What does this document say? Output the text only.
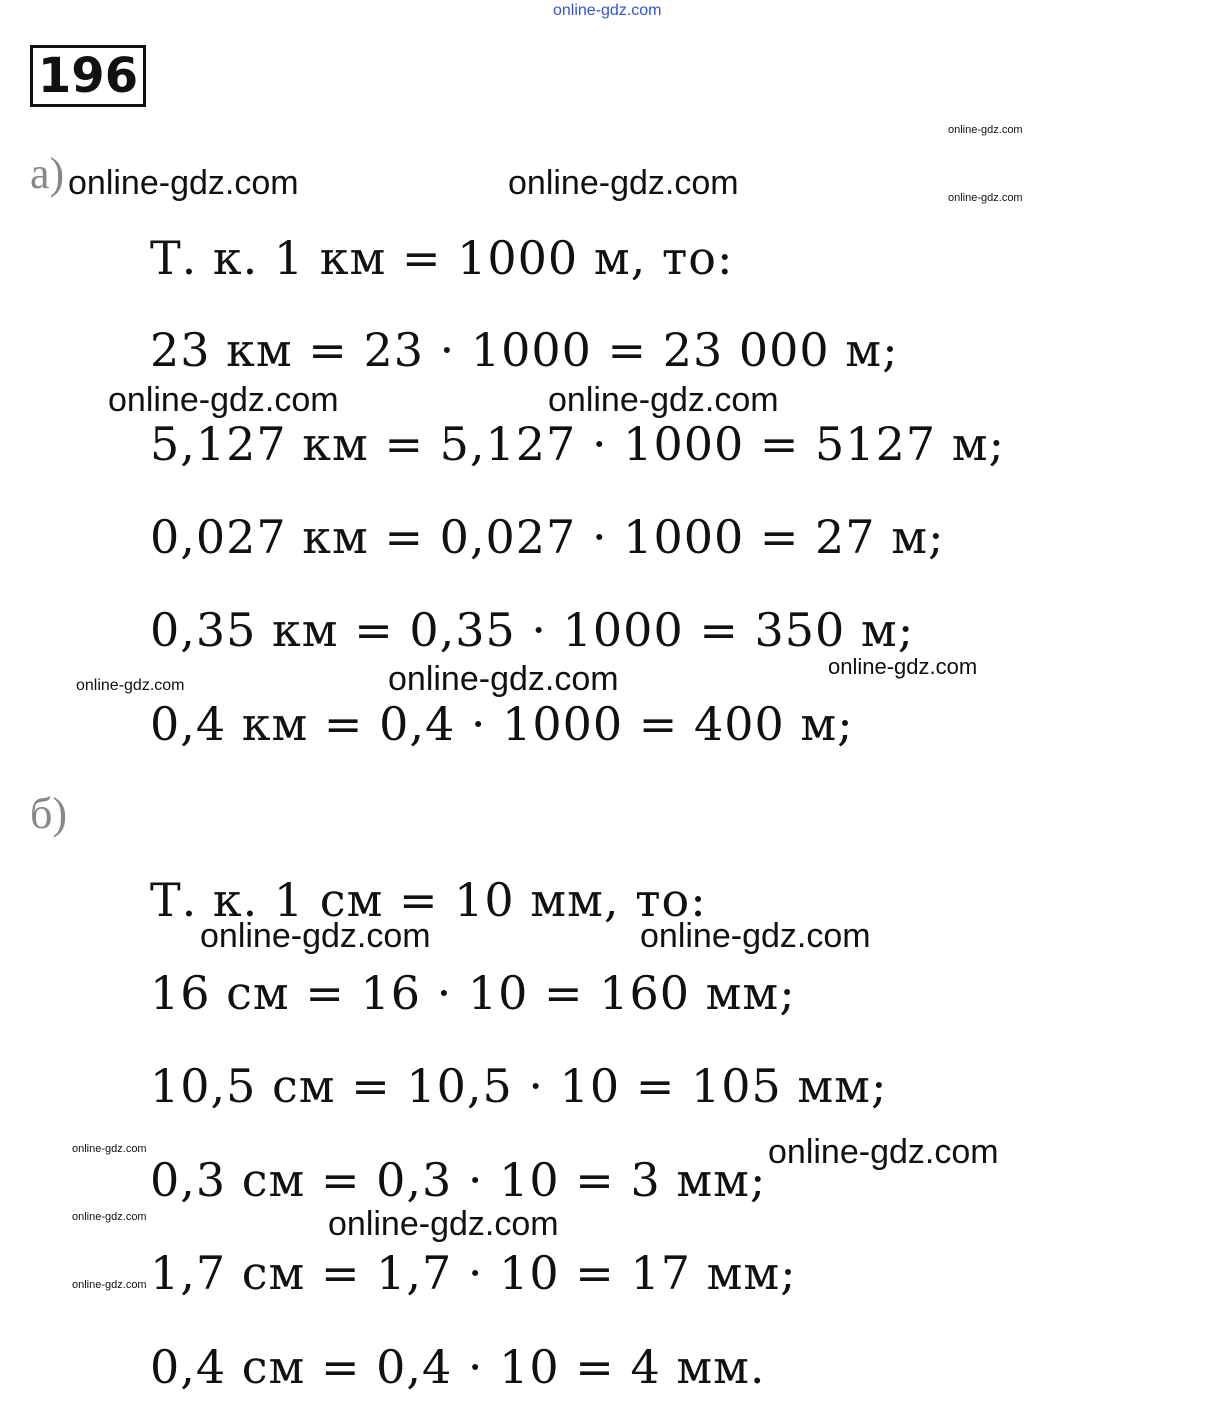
196
а)
Т. к. 1 км = 1000 м, то:
23 км = 23 · 1000 = 23 000 м;
5,127 км = 5,127 · 1000 = 5127 м;
0,027 км = 0,027 · 1000 = 27 м;
0,35 км = 0,35 · 1000 = 350 м;
0,4 км = 0,4 · 1000 = 400 м;
б)
Т. к. 1 см = 10 мм, то:
16 см = 16 · 10 = 160 мм;
10,5 см = 10,5 · 10 = 105 мм;
0,3 см = 0,3 · 10 = 3 мм;
1,7 см = 1,7 · 10 = 17 мм;
0,4 см = 0,4 · 10 = 4 мм.
online-gdz.com
online-gdz.com
online-gdz.com
online-gdz.com	online-gdz.com
online-gdz.com	online-gdz.com
online-gdz.com
online-gdz.com	online-gdz.com
online-gdz.com	online-gdz.com
online-gdz.com
online-gdz.com
online-gdz.com	online-gdz.com
online-gdz.com
